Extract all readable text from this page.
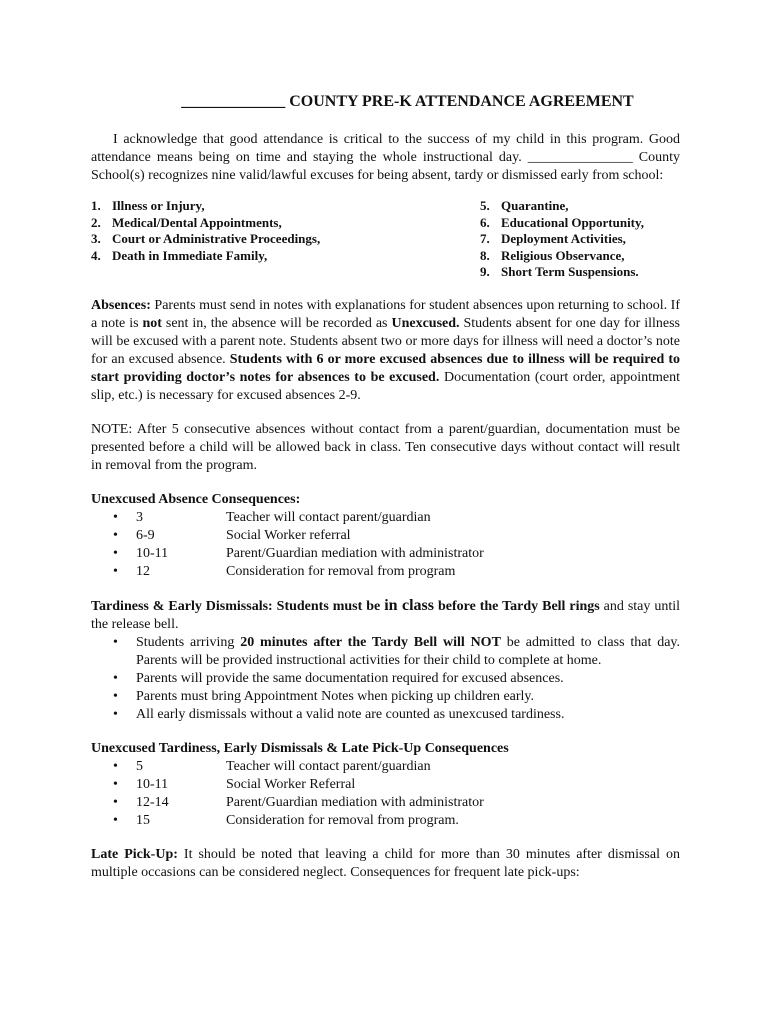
_____________ COUNTY PRE-K ATTENDANCE AGREEMENT

I acknowledge that good attendance is critical to the success of my child in this program. Good attendance means being on time and staying the whole instructional day. _______________ County School(s) recognizes nine valid/lawful excuses for being absent, tardy or dismissed early from school:

1. Illness or Injury,
2. Medical/Dental Appointments,
3. Court or Administrative Proceedings,
4. Death in Immediate Family,
5. Quarantine,
6. Educational Opportunity,
7. Deployment Activities,
8. Religious Observance,
9. Short Term Suspensions.

Absences: Parents must send in notes with explanations for student absences upon returning to school. If a note is not sent in, the absence will be recorded as Unexcused. Students absent for one day for illness will be excused with a parent note. Students absent two or more days for illness will need a doctor’s note for an excused absence. Students with 6 or more excused absences due to illness will be required to start providing doctor’s notes for absences to be excused. Documentation (court order, appointment slip, etc.) is necessary for excused absences 2-9.

NOTE: After 5 consecutive absences without contact from a parent/guardian, documentation must be presented before a child will be allowed back in class. Ten consecutive days without contact will result in removal from the program.

Unexcused Absence Consequences:
• 3	Teacher will contact parent/guardian
• 6-9	Social Worker referral
• 10-11	Parent/Guardian mediation with administrator
• 12	Consideration for removal from program

Tardiness & Early Dismissals: Students must be in class before the Tardy Bell rings and stay until the release bell.

• Students arriving 20 minutes after the Tardy Bell will NOT be admitted to class that day. Parents will be provided instructional activities for their child to complete at home.
• Parents will provide the same documentation required for excused absences.
• Parents must bring Appointment Notes when picking up children early.
• All early dismissals without a valid note are counted as unexcused tardiness.
Unexcused Tardiness, Early Dismissals & Late Pick-Up Consequences
• 5	Teacher will contact parent/guardian
• 10-11	Social Worker Referral
• 12-14	Parent/Guardian mediation with administrator
• 15	Consideration for removal from program.

Late Pick-Up: It should be noted that leaving a child for more than 30 minutes after dismissal on multiple occasions can be considered neglect. Consequences for frequent late pick-ups:
